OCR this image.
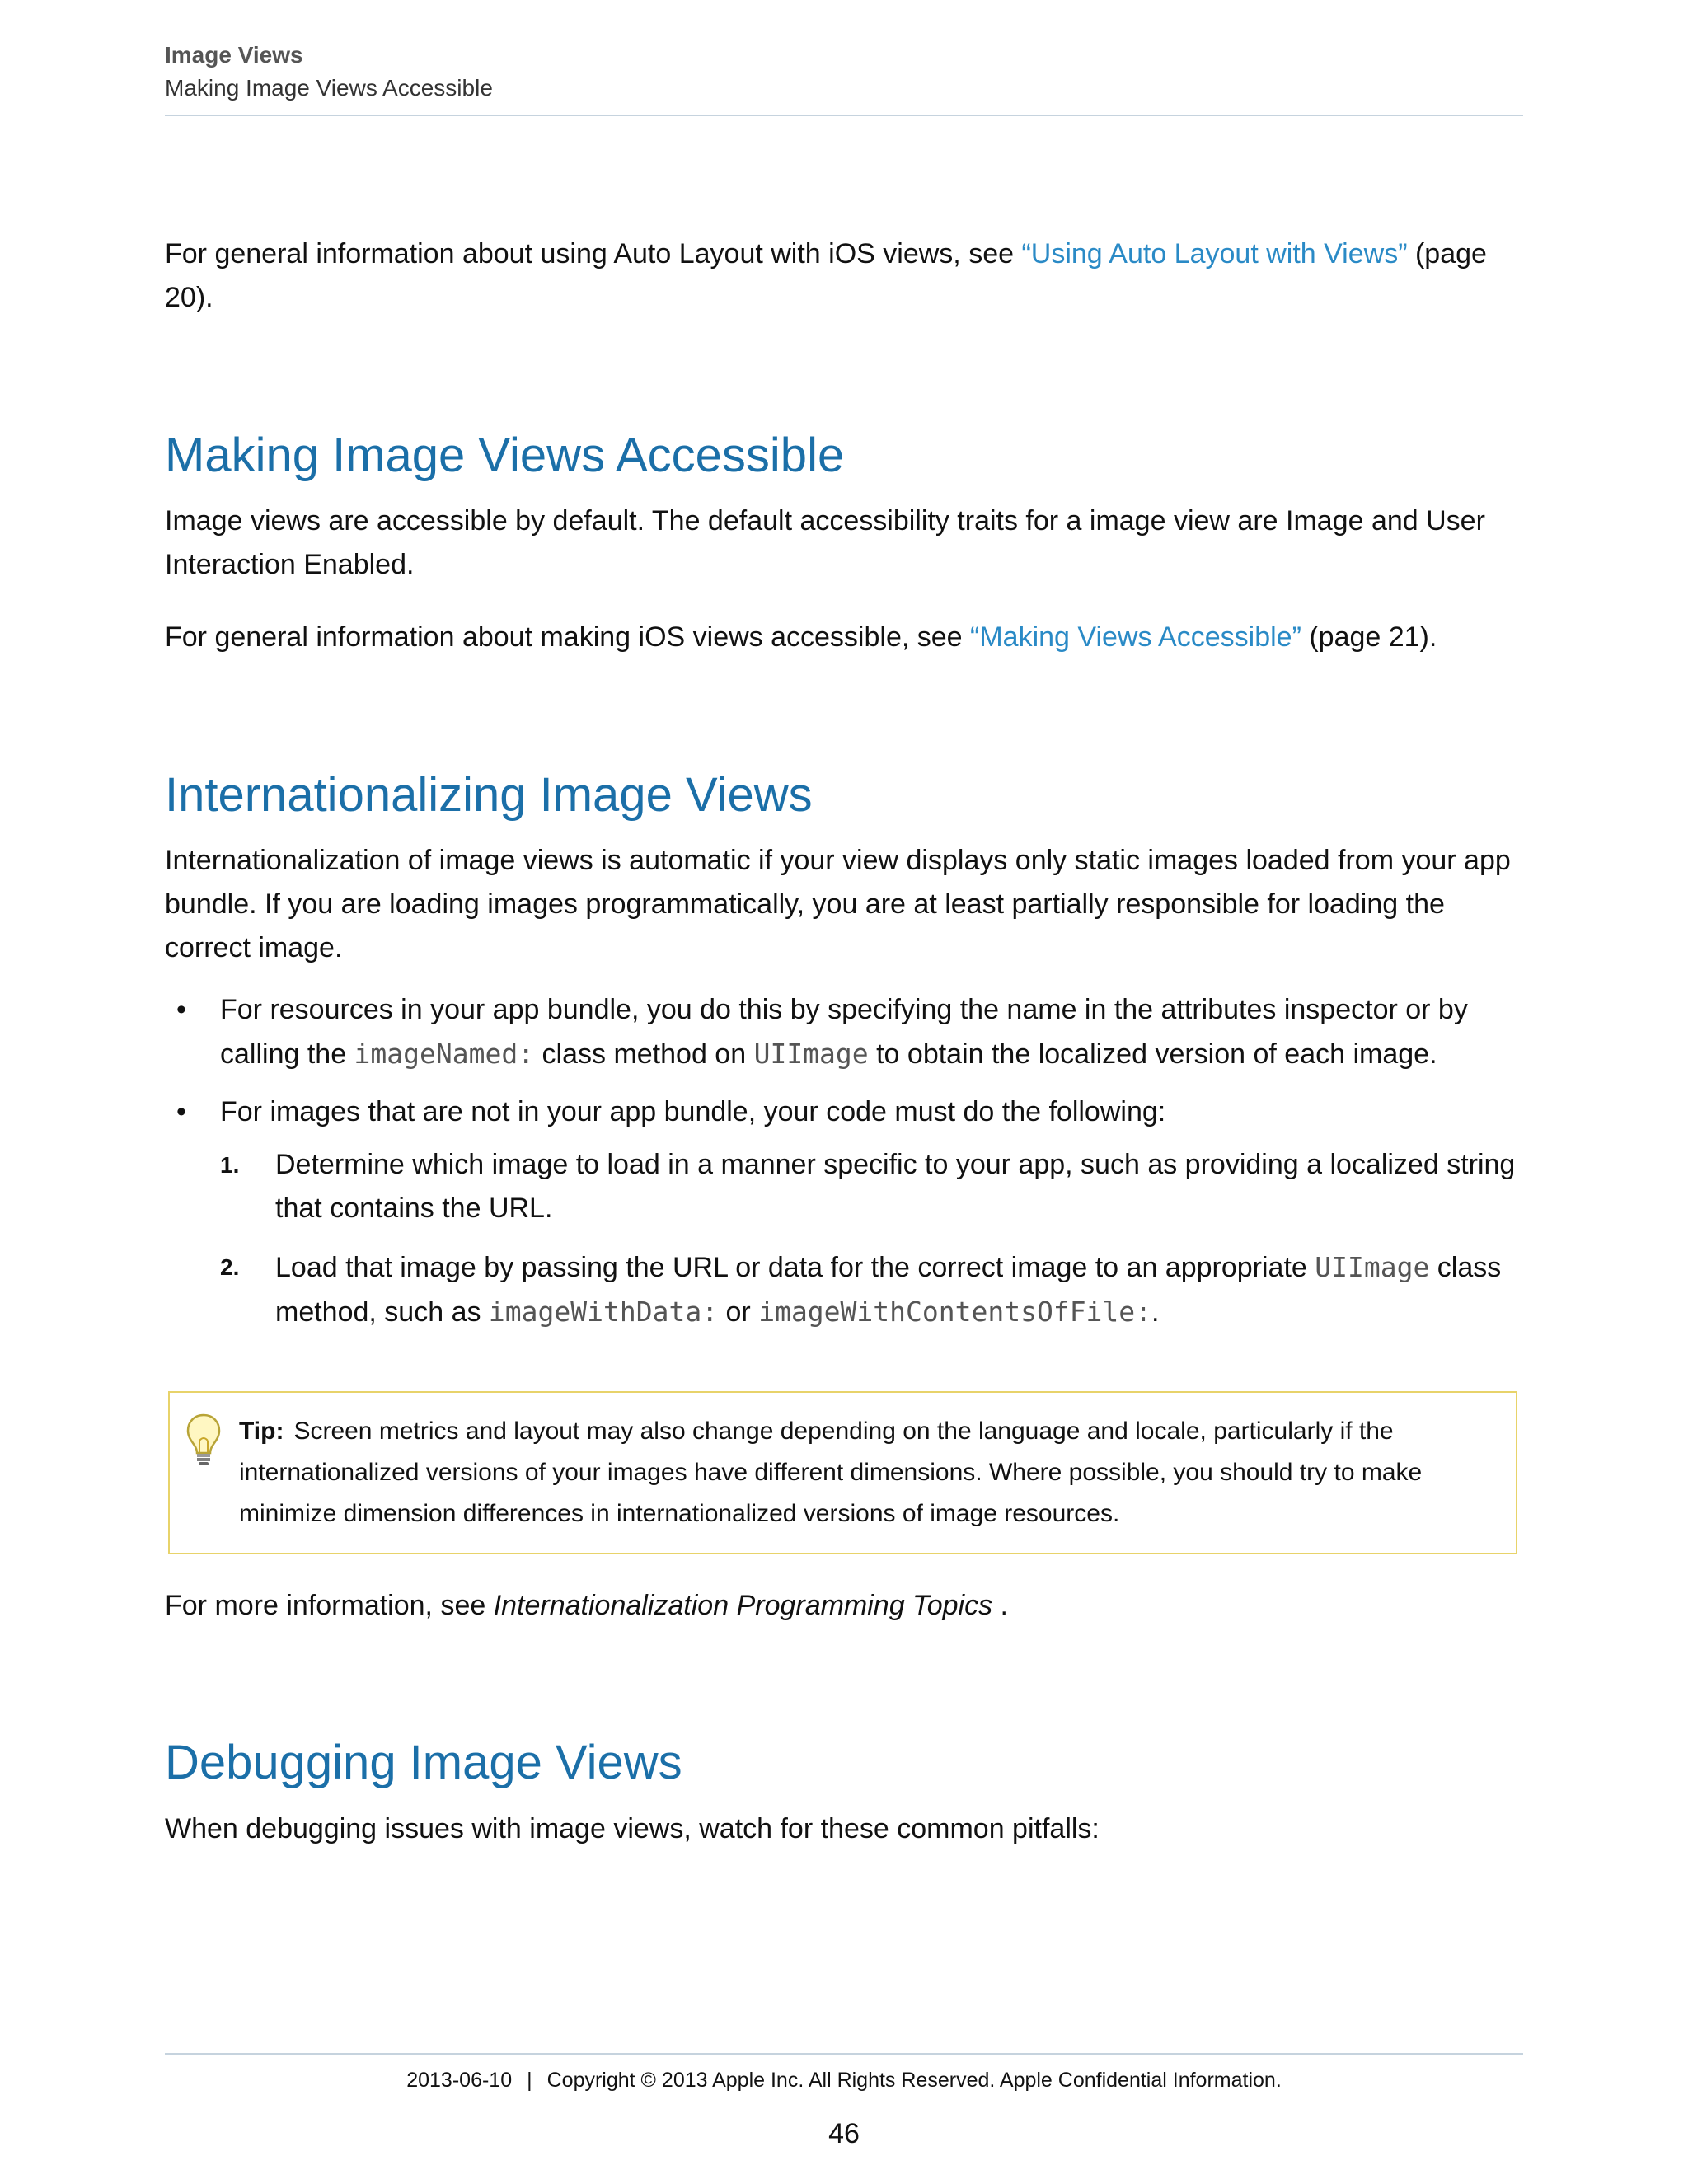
Image Views
Making Image Views Accessible
For general information about using Auto Layout with iOS views, see “Using Auto Layout with Views” (page 20).
Making Image Views Accessible
Image views are accessible by default. The default accessibility traits for a image view are Image and User Interaction Enabled.
For general information about making iOS views accessible, see “Making Views Accessible” (page 21).
Internationalizing Image Views
Internationalization of image views is automatic if your view displays only static images loaded from your app bundle. If you are loading images programmatically, you are at least partially responsible for loading the correct image.
• For resources in your app bundle, you do this by specifying the name in the attributes inspector or by calling the imageNamed: class method on UIImage to obtain the localized version of each image.
• For images that are not in your app bundle, your code must do the following:
1. Determine which image to load in a manner specific to your app, such as providing a localized string that contains the URL.
2. Load that image by passing the URL or data for the correct image to an appropriate UIImage class method, such as imageWithData: or imageWithContentsOfFile:.
Tip: Screen metrics and layout may also change depending on the language and locale, particularly if the internationalized versions of your images have different dimensions. Where possible, you should try to make minimize dimension differences in internationalized versions of image resources.
For more information, see Internationalization Programming Topics .
Debugging Image Views
When debugging issues with image views, watch for these common pitfalls:
2013-06-10 | Copyright © 2013 Apple Inc. All Rights Reserved. Apple Confidential Information.
46
